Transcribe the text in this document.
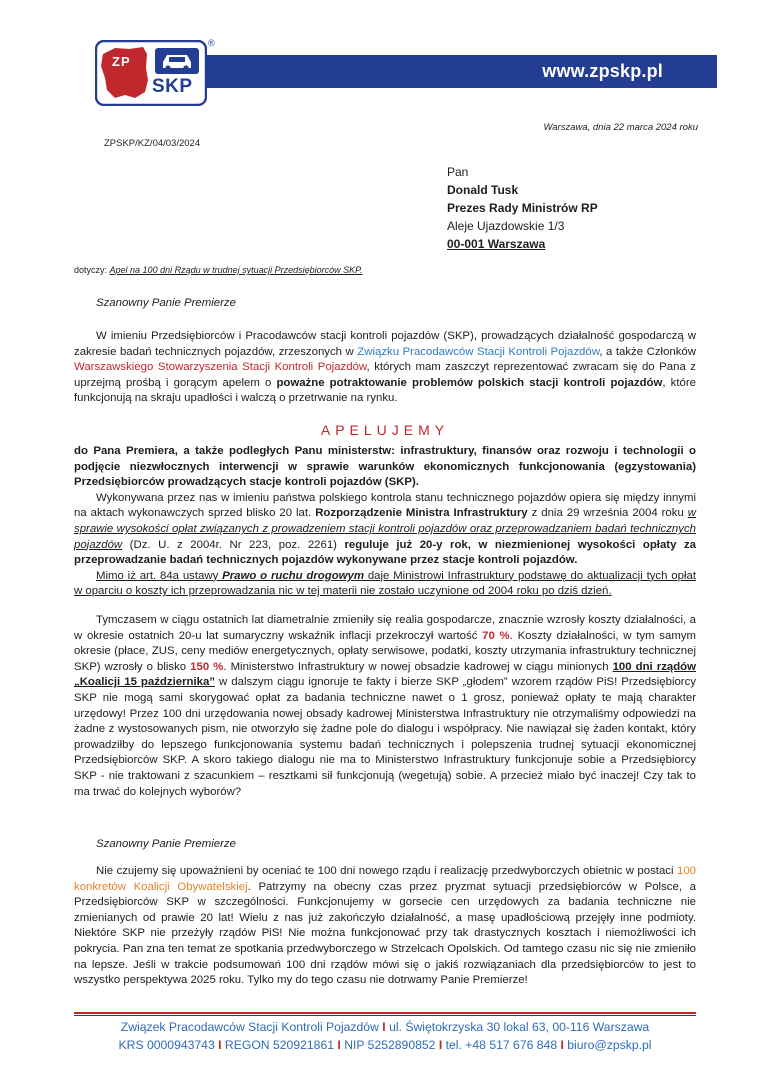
www.zpskp.pl
ZP
SKP
®
Warszawa, dnia 22 marca 2024 roku
ZPSKP/KZ/04/03/2024
Pan
Donald Tusk
Prezes Rady Ministrów RP
Aleje Ujazdowskie 1/3
00-001 Warszawa
dotyczy: Apel na 100 dni Rządu w trudnej sytuacji Przedsiębiorców SKP.
Szanowny Panie Premierze

W imieniu Przedsiębiorców i Pracodawców stacji kontroli pojazdów (SKP), prowadzących działalność gospodarczą w zakresie badań technicznych pojazdów, zrzeszonych w Związku Pracodawców Stacji Kontroli Pojazdów, a także Członków Warszawskiego Stowarzyszenia Stacji Kontroli Pojazdów, których mam zaszczyt reprezentować zwracam się do Pana z uprzejmą prośbą i gorącym apelem o poważne potraktowanie problemów polskich stacji kontroli pojazdów, które funkcjonują na skraju upadłości i walczą o przetrwanie na rynku.

APELUJEMY

do Pana Premiera, a także podległych Panu ministerstw: infrastruktury, finansów oraz rozwoju i technologii o podjęcie niezwłocznych interwencji w sprawie warunków ekonomicznych funkcjonowania (egzystowania) Przedsiębiorców prowadzących stacje kontroli pojazdów (SKP).

Wykonywana przez nas w imieniu państwa polskiego kontrola stanu technicznego pojazdów opiera się między innymi na aktach wykonawczych sprzed blisko 20 lat. Rozporządzenie Ministra Infrastruktury z dnia 29 września 2004 roku w sprawie wysokości opłat związanych z prowadzeniem stacji kontroli pojazdów oraz przeprowadzaniem badań technicznych pojazdów (Dz. U. z 2004r. Nr 223, poz. 2261) reguluje już 20-y rok, w niezmienionej wysokości opłaty za przeprowadzanie badań technicznych pojazdów wykonywane przez stacje kontroli pojazdów.

Mimo iż art. 84a ustawy Prawo o ruchu drogowym daje Ministrowi Infrastruktury podstawę do aktualizacji tych opłat w oparciu o koszty ich przeprowadzania nic w tej materii nie zostało uczynione od 2004 roku po dziś dzień.

Tymczasem w ciągu ostatnich lat diametralnie zmieniły się realia gospodarcze, znacznie wzrosły koszty działalności, a w okresie ostatnich 20-u lat sumaryczny wskaźnik inflacji przekroczył wartość 70 %. Koszty działalności, w tym samym okresie (płace, ZUS, ceny mediów energetycznych, opłaty serwisowe, podatki, koszty utrzymania infrastruktury technicznej SKP) wzrosły o blisko 150 %. Ministerstwo Infrastruktury w nowej obsadzie kadrowej w ciągu minionych 100 dni rządów „Koalicji 15 października” w dalszym ciągu ignoruje te fakty i bierze SKP „głodem” wzorem rządów PiS! Przedsiębiorcy SKP nie mogą sami skorygować opłat za badania techniczne nawet o 1 grosz, ponieważ opłaty te mają charakter urzędowy! Przez 100 dni urzędowania nowej obsady kadrowej Ministerstwa Infrastruktury nie otrzymaliśmy odpowiedzi na żadne z wystosowanych pism, nie otworzyło się żadne pole do dialogu i współpracy. Nie nawiązał się żaden kontakt, który prowadziłby do lepszego funkcjonowania systemu badań technicznych i polepszenia trudnej sytuacji ekonomicznej Przedsiębiorców SKP. A skoro takiego dialogu nie ma to Ministerstwo Infrastruktury funkcjonuje sobie a Przedsiębiorcy SKP - nie traktowani z szacunkiem – resztkami sił funkcjonują (wegetują) sobie. A przecież miało być inaczej! Czy tak to ma trwać do kolejnych wyborów?

Szanowny Panie Premierze

Nie czujemy się upoważnieni by oceniać te 100 dni nowego rządu i realizację przedwyborczych obietnic w postaci 100 konkretów Koalicji Obywatelskiej. Patrzymy na obecny czas przez pryzmat sytuacji przedsiębiorców w Polsce, a Przedsiębiorców SKP w szczególności. Funkcjonujemy w gorsecie cen urzędowych za badania techniczne nie zmienianych od prawie 20 lat! Wielu z nas już zakończyło działalność, a masę upadłościową przejęły inne podmioty. Niektóre SKP nie przeżyły rządów PiS! Nie można funkcjonować przy tak drastycznych kosztach i niemożliwości ich pokrycia. Pan zna ten temat ze spotkania przedwyborczego w Strzelcach Opolskich. Od tamtego czasu nic się nie zmieniło na lepsze. Jeśli w trakcie podsumowań 100 dni rządów mówi się o jakiś rozwiązaniach dla przedsiębiorców to jest to wszystko perspektywa 2025 roku. Tylko my do tego czasu nie dotrwamy Panie Premierze!

Związek Pracodawców Stacji Kontroli Pojazdów I ul. Świętokrzyska 30 lokal 63, 00-116 Warszawa
KRS 0000943743 I REGON 520921861 I NIP 5252890852 I tel. +48 517 676 848 I biuro@zpskp.pl
